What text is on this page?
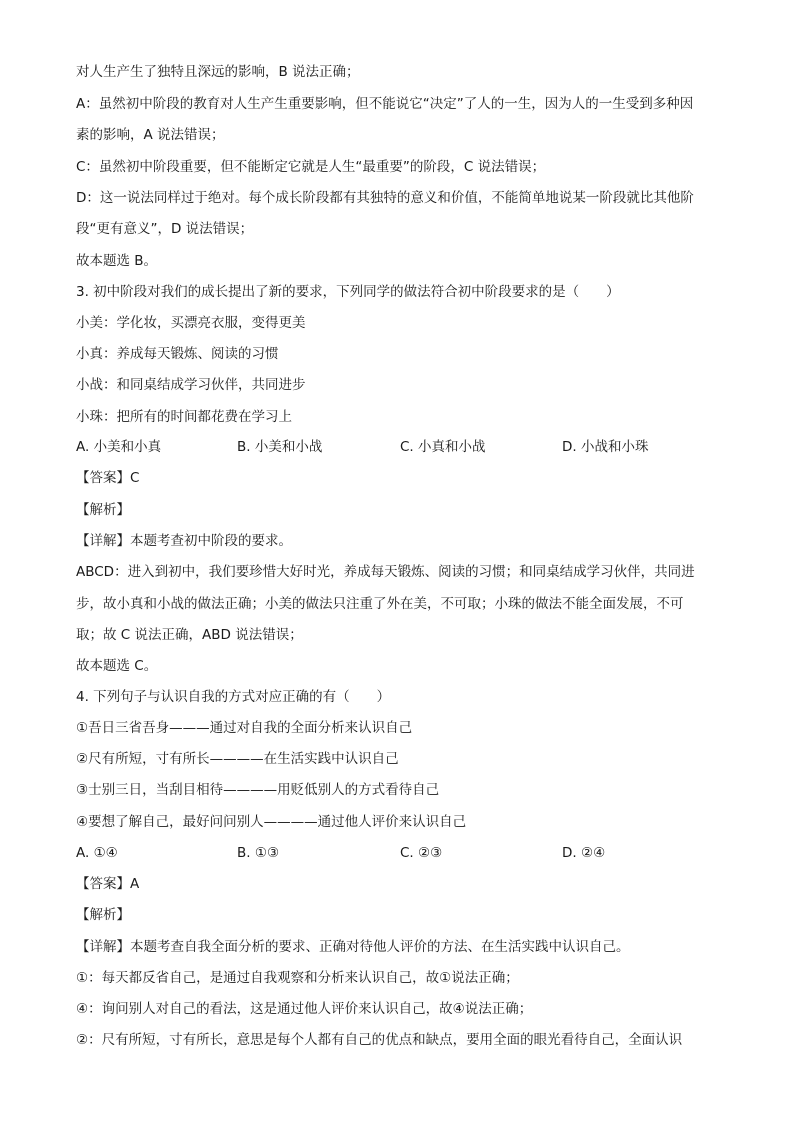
对人生产生了独特且深远的影响，B 说法正确；
A：虽然初中阶段的教育对人生产生重要影响，但不能说它“决定”了人的一生，因为人的一生受到多种因
素的影响，A 说法错误；
C：虽然初中阶段重要，但不能断定它就是人生“最重要”的阶段，C 说法错误；
D：这一说法同样过于绝对。每个成长阶段都有其独特的意义和价值，不能简单地说某一阶段就比其他阶
段“更有意义”，D 说法错误；
故本题选 B。
3. 初中阶段对我们的成长提出了新的要求，下列同学的做法符合初中阶段要求的是（　　）
小美：学化妆，买漂亮衣服，变得更美
小真：养成每天锻炼、阅读的习惯
小战：和同桌结成学习伙伴，共同进步
小珠：把所有的时间都花费在学习上
A. 小美和小真	B. 小美和小战	C. 小真和小战	D. 小战和小珠
【答案】C
【解析】
【详解】本题考查初中阶段的要求。
ABCD：进入到初中，我们要珍惜大好时光，养成每天锻炼、阅读的习惯；和同桌结成学习伙伴，共同进
步，故小真和小战的做法正确；小美的做法只注重了外在美，不可取；小珠的做法不能全面发展，不可
取；故 C 说法正确，ABD 说法错误；
故本题选 C。
4. 下列句子与认识自我的方式对应正确的有（　　）
①吾日三省吾身———通过对自我的全面分析来认识自己
②尺有所短，寸有所长————在生活实践中认识自己
③士别三日，当刮目相待————用贬低别人的方式看待自己
④要想了解自己，最好问问别人————通过他人评价来认识自己
A. ①④	B. ①③	C. ②③	D. ②④
【答案】A
【解析】
【详解】本题考查自我全面分析的要求、正确对待他人评价的方法、在生活实践中认识自己。
①：每天都反省自己，是通过自我观察和分析来认识自己，故①说法正确；
④：询问别人对自己的看法，这是通过他人评价来认识自己，故④说法正确；
②：尺有所短，寸有所长，意思是每个人都有自己的优点和缺点，要用全面的眼光看待自己，全面认识
